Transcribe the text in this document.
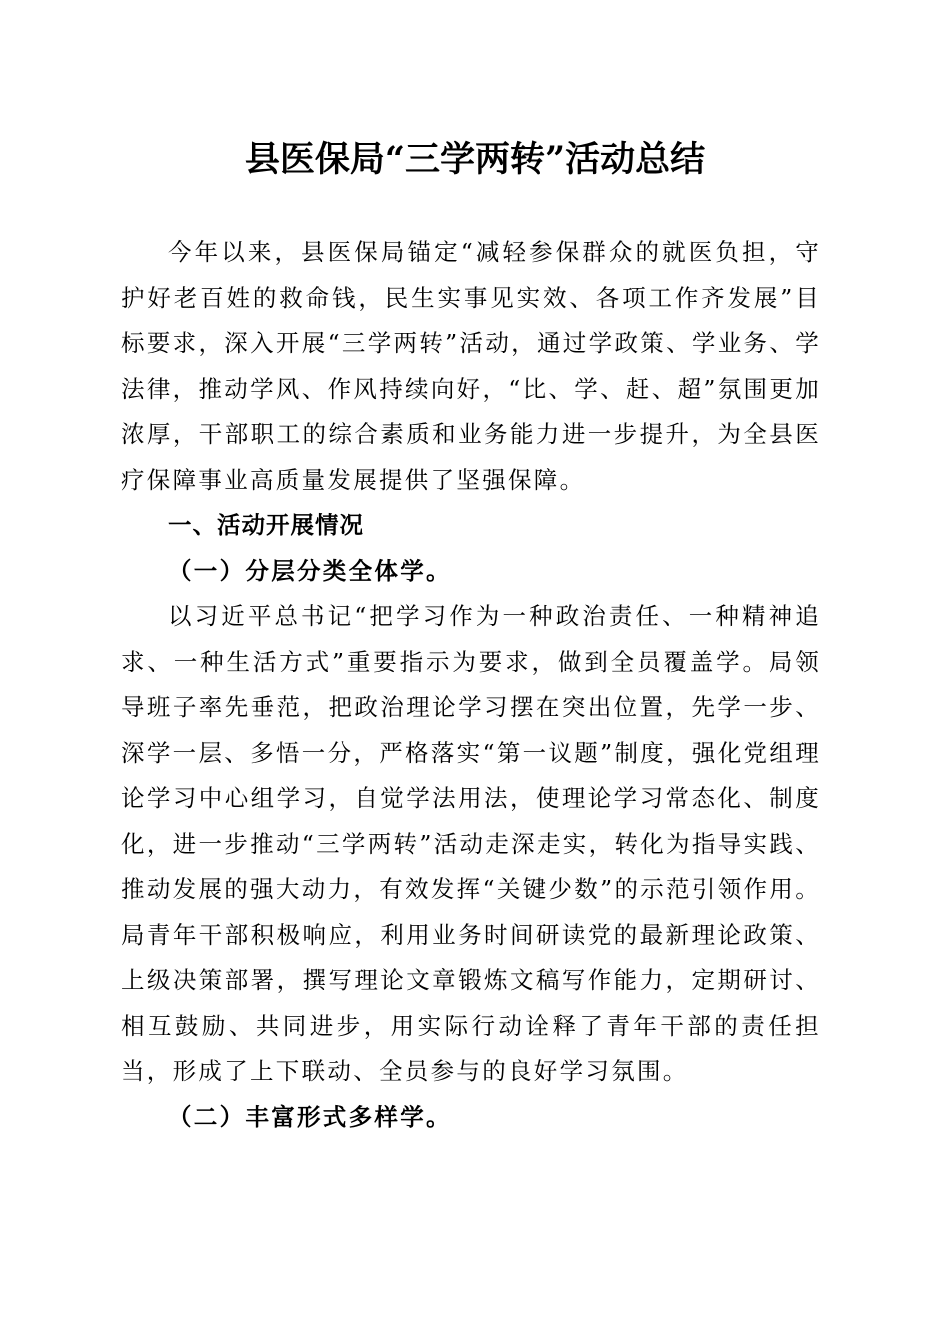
县医保局“三学两转”活动总结

今年以来，县医保局锚定“减轻参保群众的就医负担，守护好老百姓的救命钱，民生实事见实效、各项工作齐发展”目标要求，深入开展“三学两转”活动，通过学政策、学业务、学法律，推动学风、作风持续向好，“比、学、赶、超”氛围更加浓厚，干部职工的综合素质和业务能力进一步提升，为全县医疗保障事业高质量发展提供了坚强保障。

一、活动开展情况

（一）分层分类全体学。

以习近平总书记“把学习作为一种政治责任、一种精神追求、一种生活方式”重要指示为要求，做到全员覆盖学。局领导班子率先垂范，把政治理论学习摆在突出位置，先学一步、深学一层、多悟一分，严格落实“第一议题”制度，强化党组理论学习中心组学习，自觉学法用法，使理论学习常态化、制度化，进一步推动“三学两转”活动走深走实，转化为指导实践、推动发展的强大动力，有效发挥“关键少数”的示范引领作用。局青年干部积极响应，利用业务时间研读党的最新理论政策、上级决策部署，撰写理论文章锻炼文稿写作能力，定期研讨、相互鼓励、共同进步，用实际行动诠释了青年干部的责任担当，形成了上下联动、全员参与的良好学习氛围。

（二）丰富形式多样学。
